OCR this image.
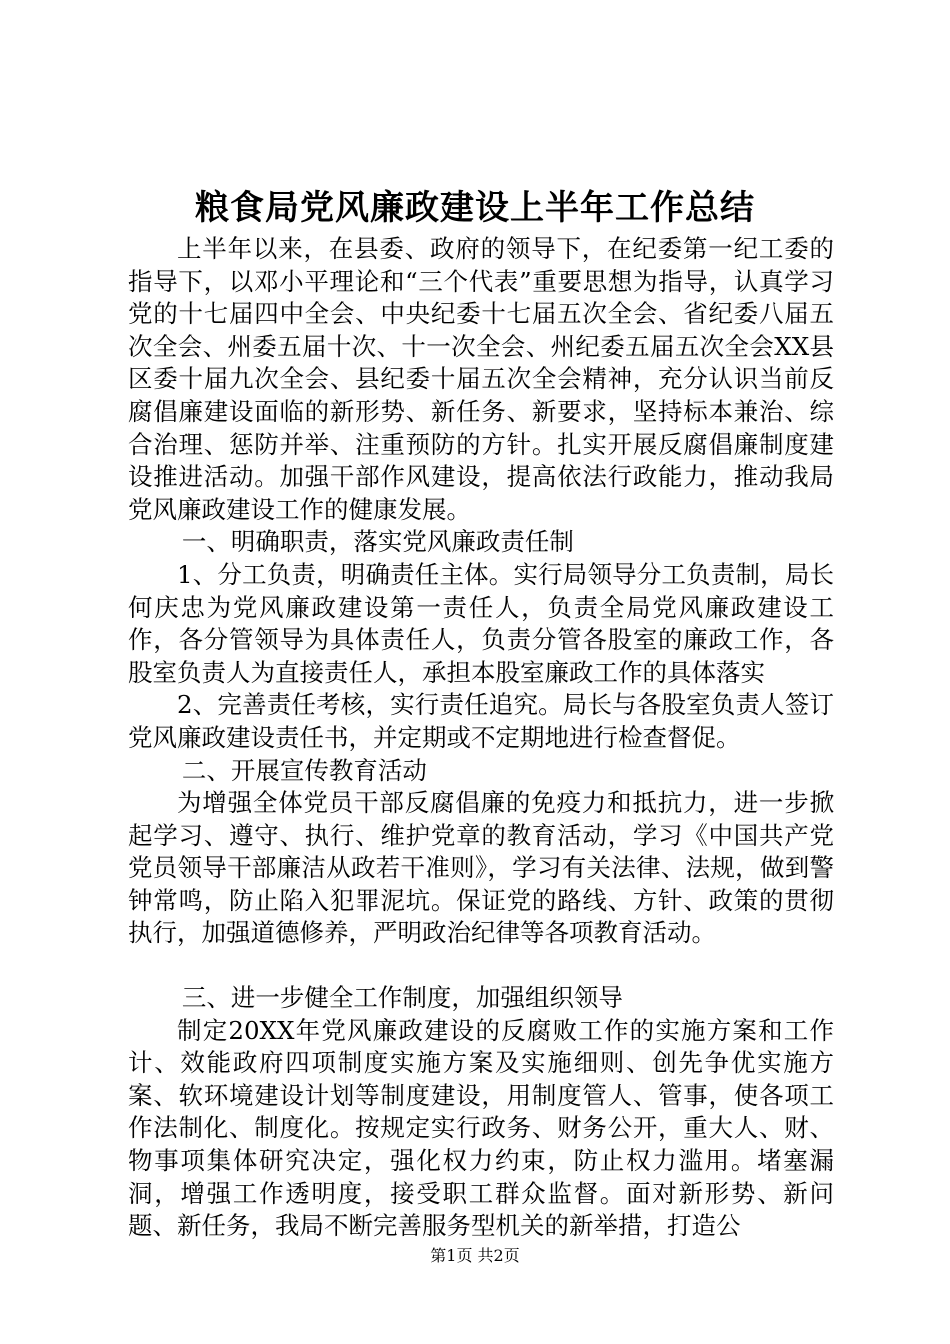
粮食局党风廉政建设上半年工作总结

上半年以来，在县委、政府的领导下，在纪委第一纪工委的指导下，以邓小平理论和“三个代表”重要思想为指导，认真学习党的十七届四中全会、中央纪委十七届五次全会、省纪委八届五次全会、州委五届十次、十一次全会、州纪委五届五次全会XX县区委十届九次全会、县纪委十届五次全会精神，充分认识当前反腐倡廉建设面临的新形势、新任务、新要求，坚持标本兼治、综合治理、惩防并举、注重预防的方针。扎实开展反腐倡廉制度建设推进活动。加强干部作风建设，提高依法行政能力，推动我局党风廉政建设工作的健康发展。

一、明确职责，落实党风廉政责任制

1、分工负责，明确责任主体。实行局领导分工负责制，局长何庆忠为党风廉政建设第一责任人，负责全局党风廉政建设工作，各分管领导为具体责任人，负责分管各股室的廉政工作，各股室负责人为直接责任人，承担本股室廉政工作的具体落实

2、完善责任考核，实行责任追究。局长与各股室负责人签订党风廉政建设责任书，并定期或不定期地进行检查督促。

二、开展宣传教育活动

为增强全体党员干部反腐倡廉的免疫力和抵抗力，进一步掀起学习、遵守、执行、维护党章的教育活动，学习《中国共产党党员领导干部廉洁从政若干准则》，学习有关法律、法规，做到警钟常鸣，防止陷入犯罪泥坑。保证党的路线、方针、政策的贯彻执行，加强道德修养，严明政治纪律等各项教育活动。

三、进一步健全工作制度，加强组织领导

制定20XX年党风廉政建设的反腐败工作的实施方案和工作计、效能政府四项制度实施方案及实施细则、创先争优实施方案、软环境建设计划等制度建设，用制度管人、管事，使各项工作法制化、制度化。按规定实行政务、财务公开，重大人、财、物事项集体研究决定，强化权力约束，防止权力滥用。堵塞漏洞，增强工作透明度，接受职工群众监督。面对新形势、新问题、新任务，我局不断完善服务型机关的新举措，打造公

第1页 共2页
